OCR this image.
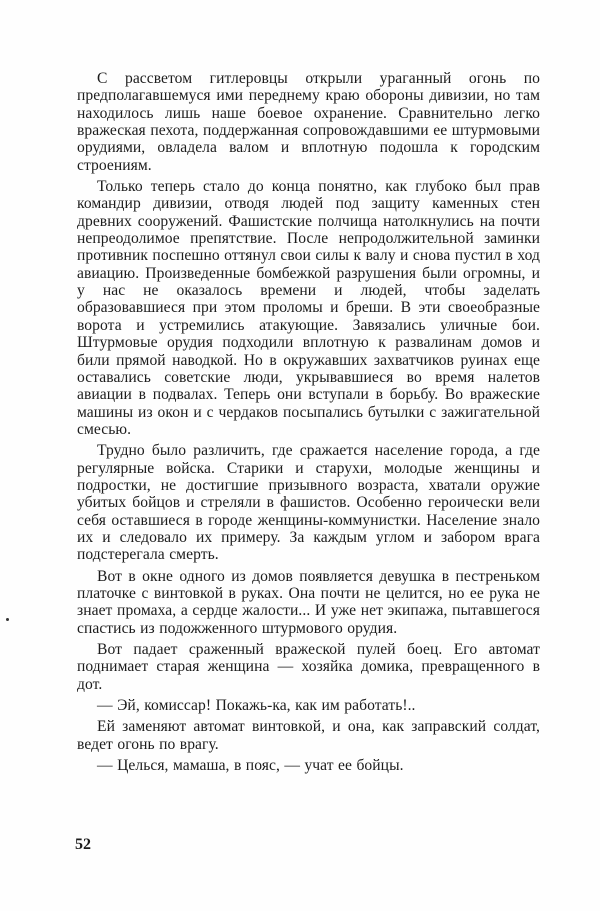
С рассветом гитлеровцы открыли ураганный огонь по предполагавшемуся ими переднему краю обороны дивизии, но там находилось лишь наше боевое охранение. Сравнительно легко вражеская пехота, поддержанная сопровождавшими ее штурмовыми орудиями, овладела валом и вплотную подошла к городским строениям.

Только теперь стало до конца понятно, как глубоко был прав командир дивизии, отводя людей под защиту каменных стен древних сооружений. Фашистские полчища натолкнулись на почти непреодолимое препятствие. После непродолжительной заминки противник поспешно оттянул свои силы к валу и снова пустил в ход авиацию. Произведенные бомбежкой разрушения были огромны, и у нас не оказалось времени и людей, чтобы заделать образовавшиеся при этом проломы и бреши. В эти своеобразные ворота и устремились атакующие. Завязались уличные бои. Штурмовые орудия подходили вплотную к развалинам домов и били прямой наводкой. Но в окружавших захватчиков руинах еще оставались советские люди, укрывавшиеся во время налетов авиации в подвалах. Теперь они вступали в борьбу. Во вражеские машины из окон и с чердаков посыпались бутылки с зажигательной смесью.

Трудно было различить, где сражается население города, а где регулярные войска. Старики и старухи, молодые женщины и подростки, не достигшие призывного возраста, хватали оружие убитых бойцов и стреляли в фашистов. Особенно героически вели себя оставшиеся в городе женщины-коммунистки. Население знало их и следовало их примеру. За каждым углом и забором врага подстерегала смерть.

Вот в окне одного из домов появляется девушка в пестреньком платочке с винтовкой в руках. Она почти не целится, но ее рука не знает промаха, а сердце жалости... И уже нет экипажа, пытавшегося спастись из подожженного штурмового орудия.

Вот падает сраженный вражеской пулей боец. Его автомат поднимает старая женщина — хозяйка домика, превращенного в дот.

— Эй, комиссар! Покажь-ка, как им работать!..

Ей заменяют автомат винтовкой, и она, как заправский солдат, ведет огонь по врагу.

— Целься, мамаша, в пояс, — учат ее бойцы.

52
